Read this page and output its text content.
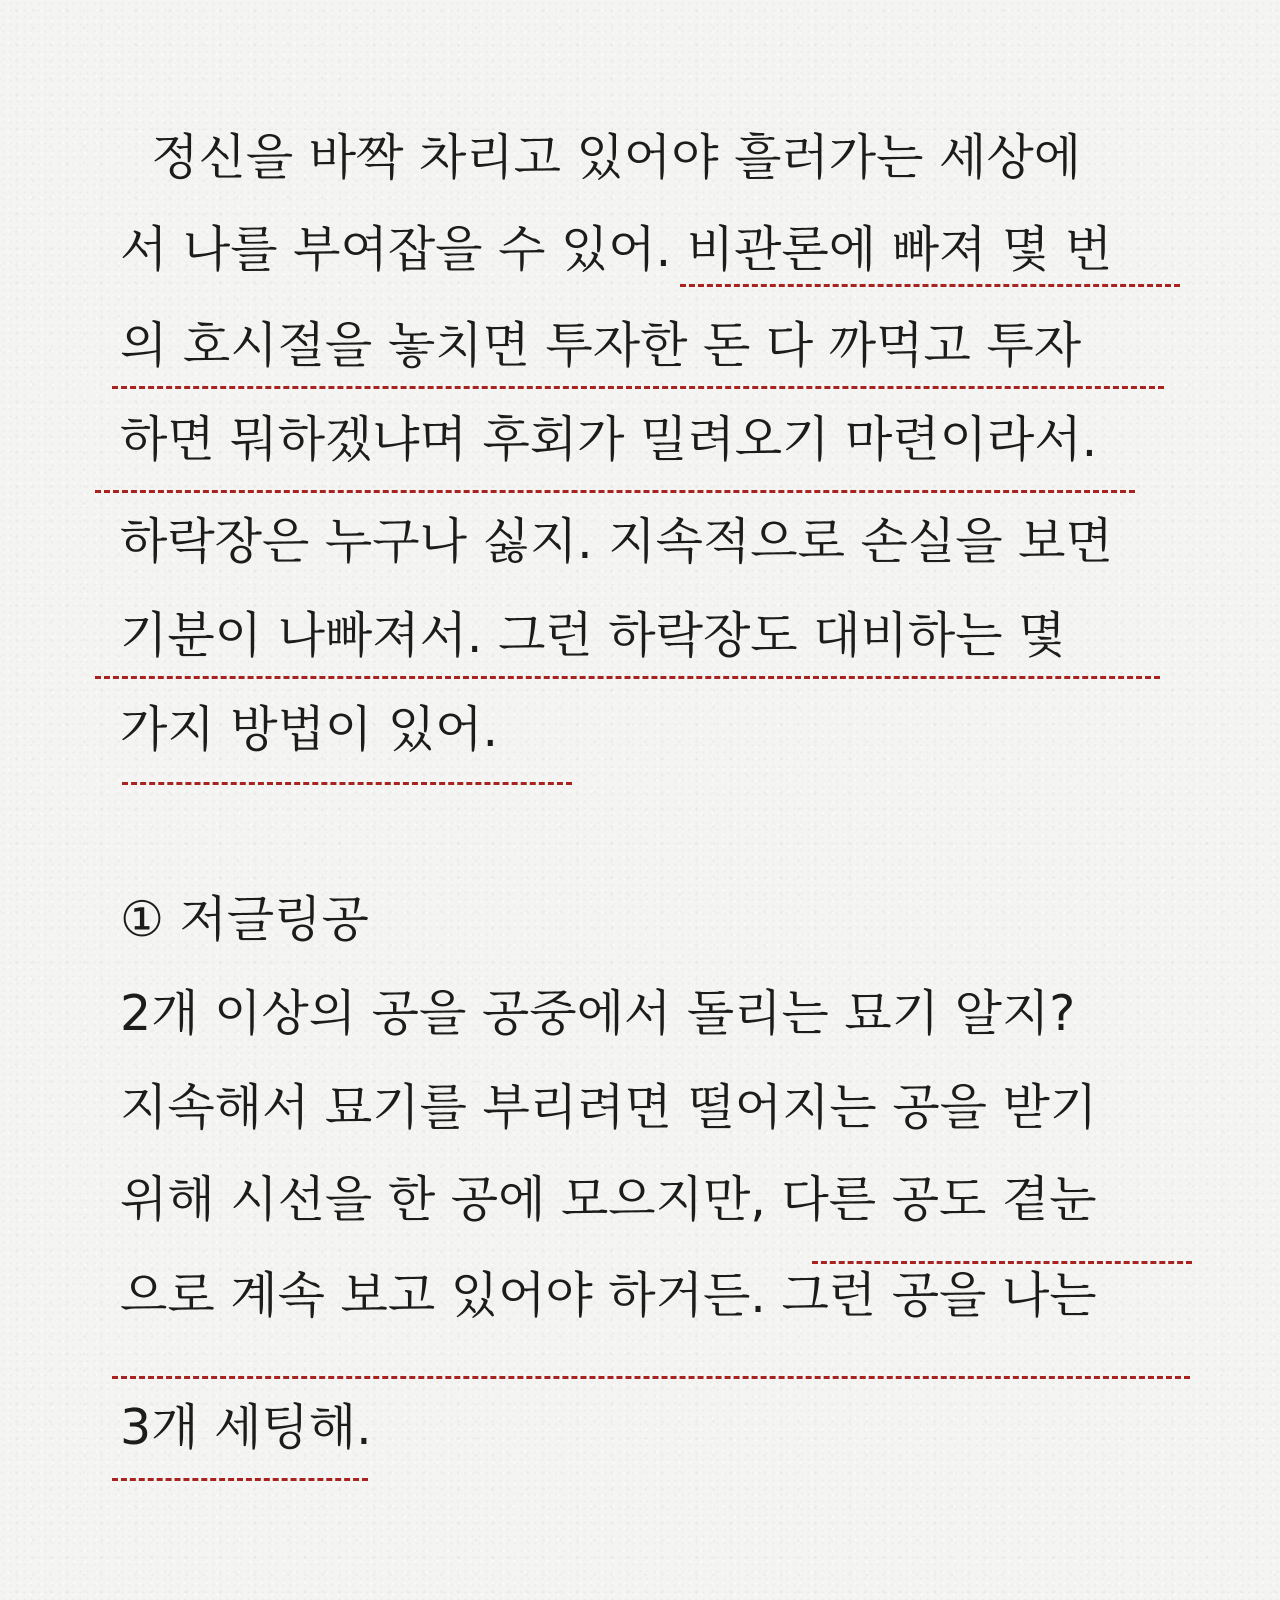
정신을 바짝 차리고 있어야 흘러가는 세상에

서 나를 부여잡을 수 있어. 비관론에 빠져 몇 번

의 호시절을 놓치면 투자한 돈 다 까먹고 투자

하면 뭐하겠냐며 후회가 밀려오기 마련이라서.

하락장은 누구나 싫지. 지속적으로 손실을 보면

기분이 나빠져서. 그런 하락장도 대비하는 몇

가지 방법이 있어.

① 저글링공

2개 이상의 공을 공중에서 돌리는 묘기 알지?

지속해서 묘기를 부리려면 떨어지는 공을 받기

위해 시선을 한 공에 모으지만, 다른 공도 곁눈

으로 계속 보고 있어야 하거든. 그런 공을 나는

3개 세팅해.
